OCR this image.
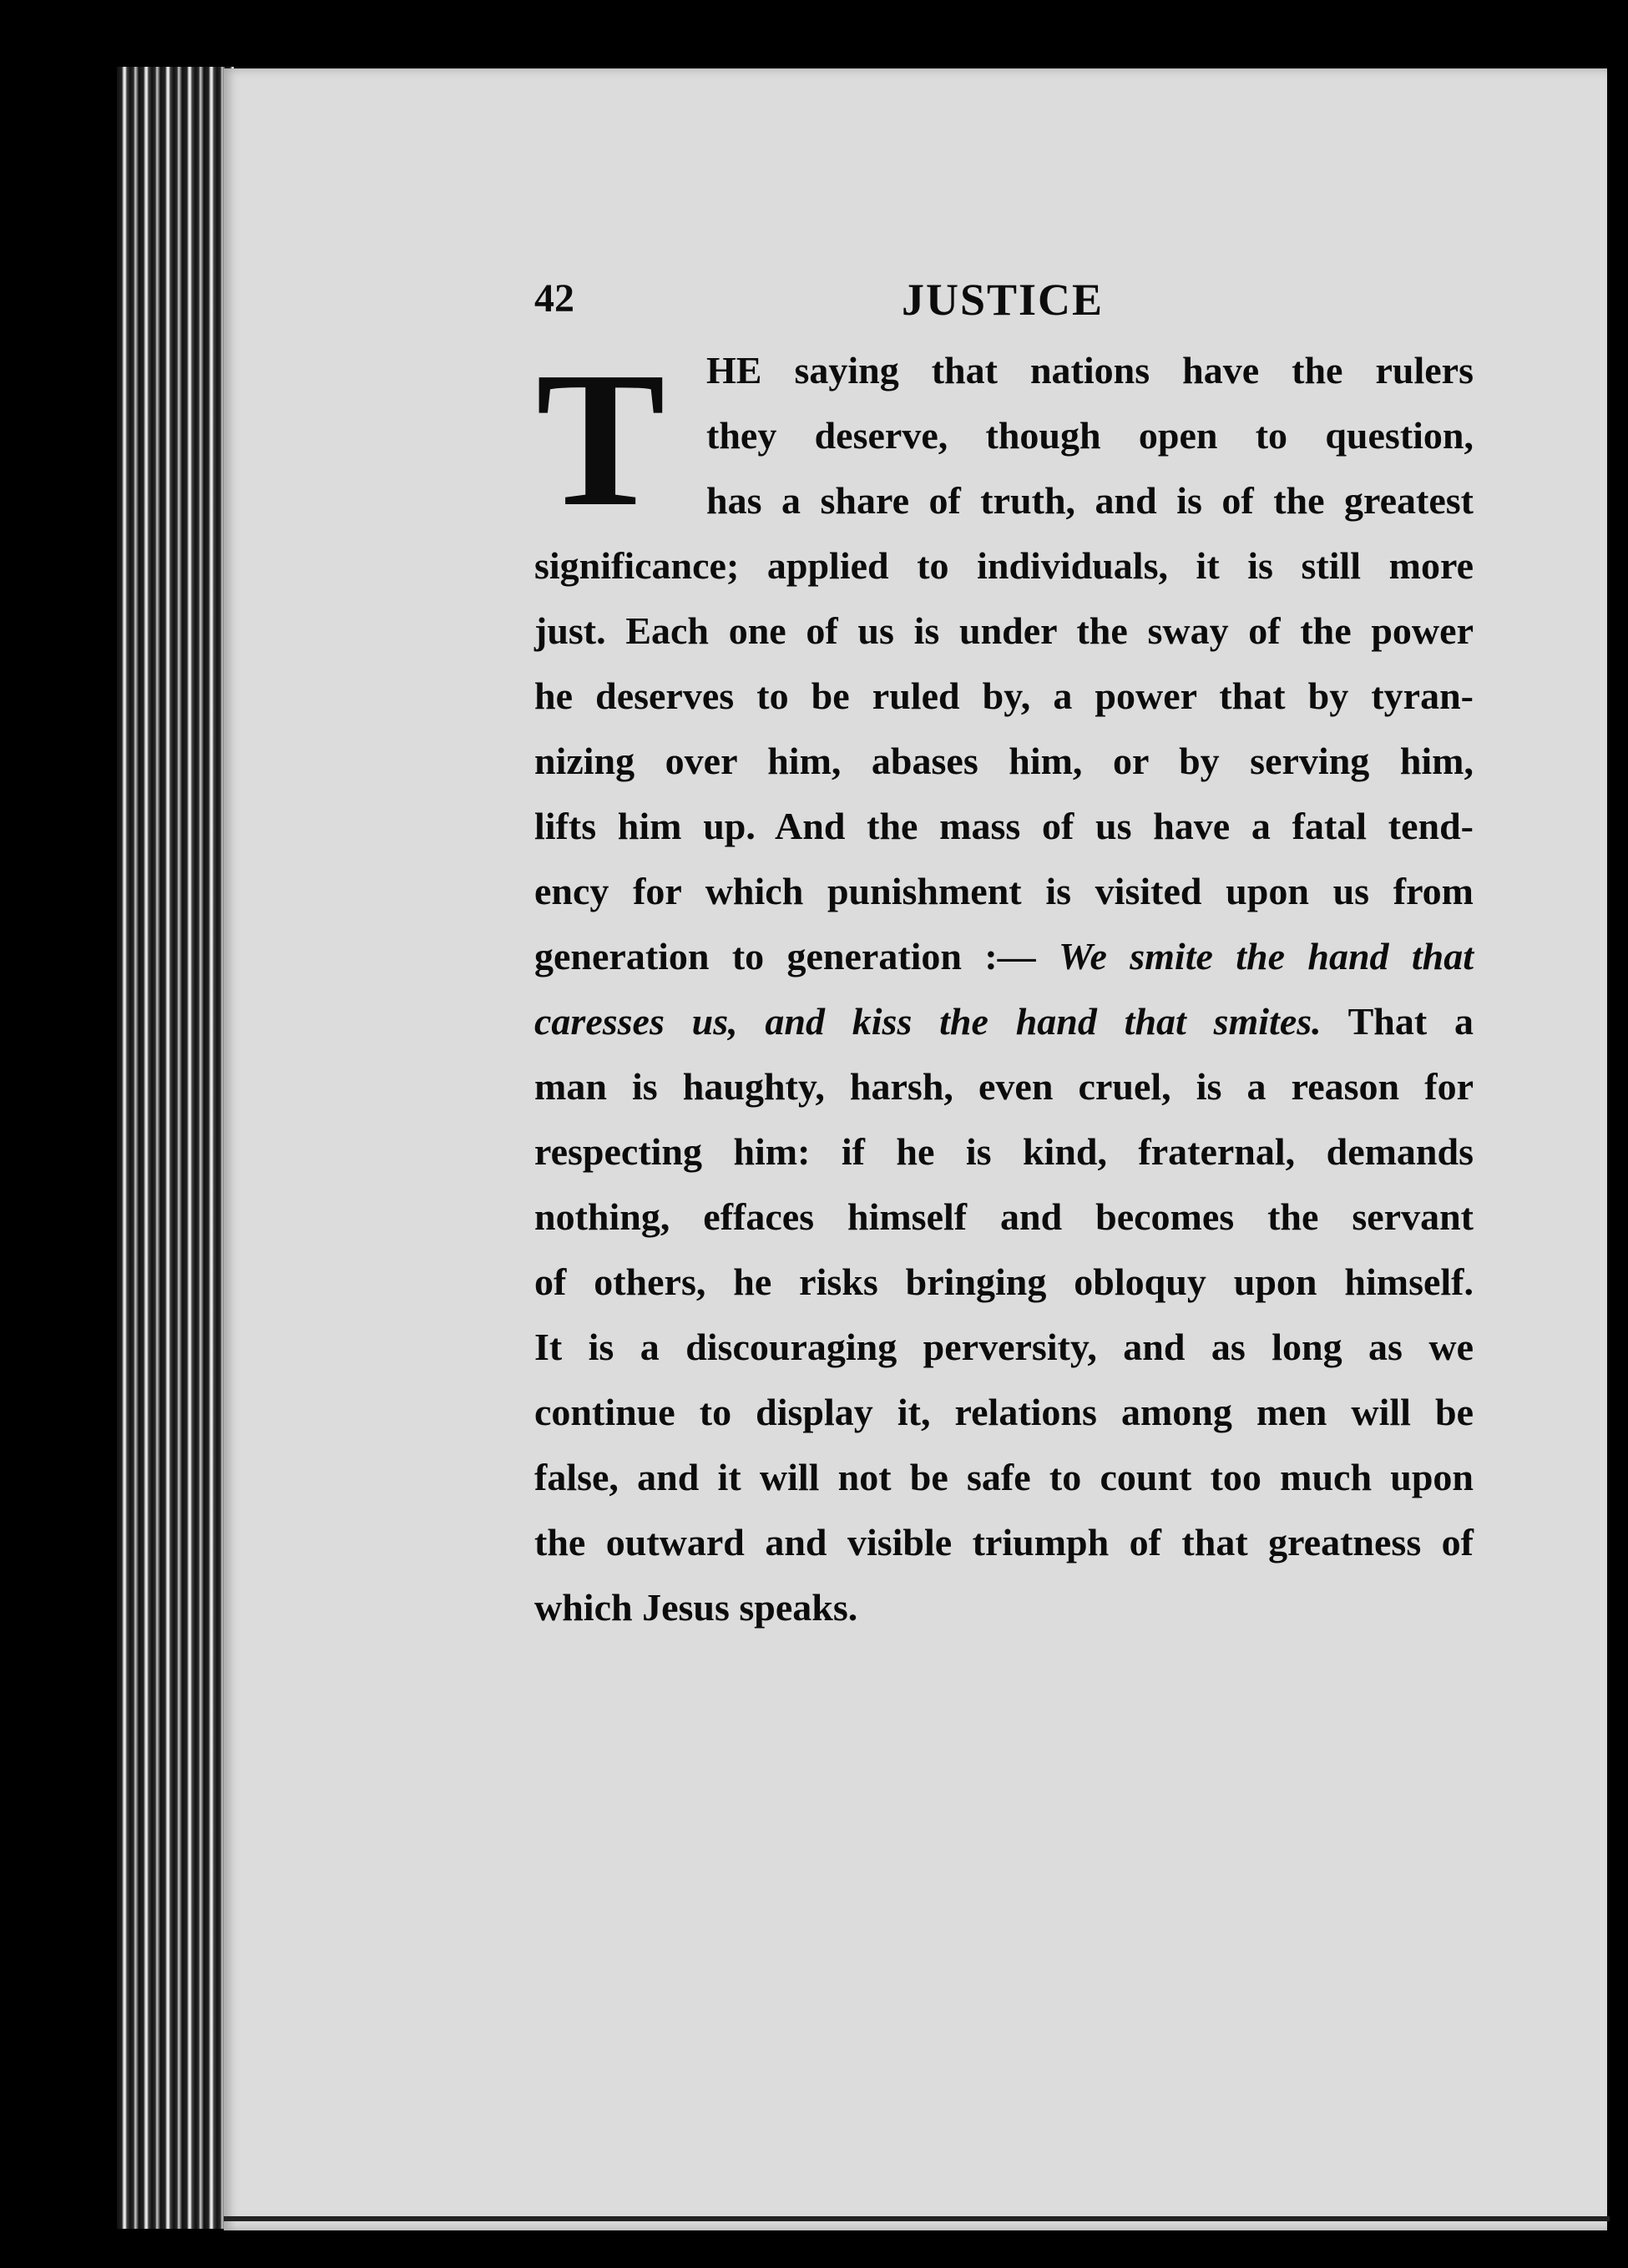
42	JUSTICE
T HE saying that nations have the rulers
they deserve, though open to question,
has a share of truth, and is of the greatest
significance; applied to individuals, it is still more
just. Each one of us is under the sway of the power
he deserves to be ruled by, a power that by tyran-
nizing over him, abases him, or by serving him,
lifts him up. And the mass of us have a fatal tend-
ency for which punishment is visited upon us from
generation to generation :— We smite the hand that
caresses us, and kiss the hand that smites. That a
man is haughty, harsh, even cruel, is a reason for
respecting him: if he is kind, fraternal, demands
nothing, effaces himself and becomes the servant
of others, he risks bringing obloquy upon himself.
It is a discouraging perversity, and as long as we
continue to display it, relations among men will be
false, and it will not be safe to count too much upon
the outward and visible triumph of that greatness of
which Jesus speaks.
